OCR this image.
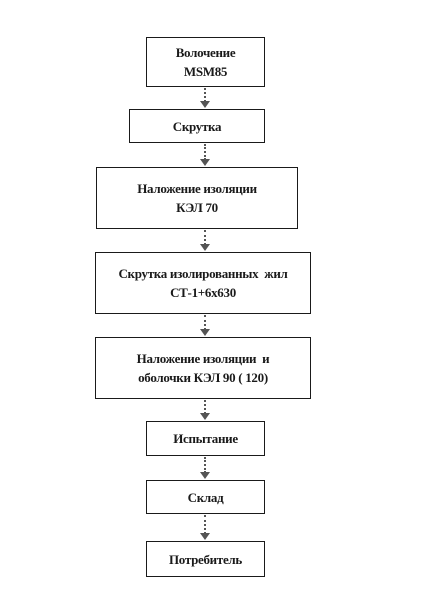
Волочение
MSM85
Скрутка
Наложение изоляции
КЭЛ 70
Скрутка изолированных  жил
СТ-1+6х630
Наложение изоляции  и
оболочки КЭЛ 90 ( 120)
Испытание
Склад
Потребитель
